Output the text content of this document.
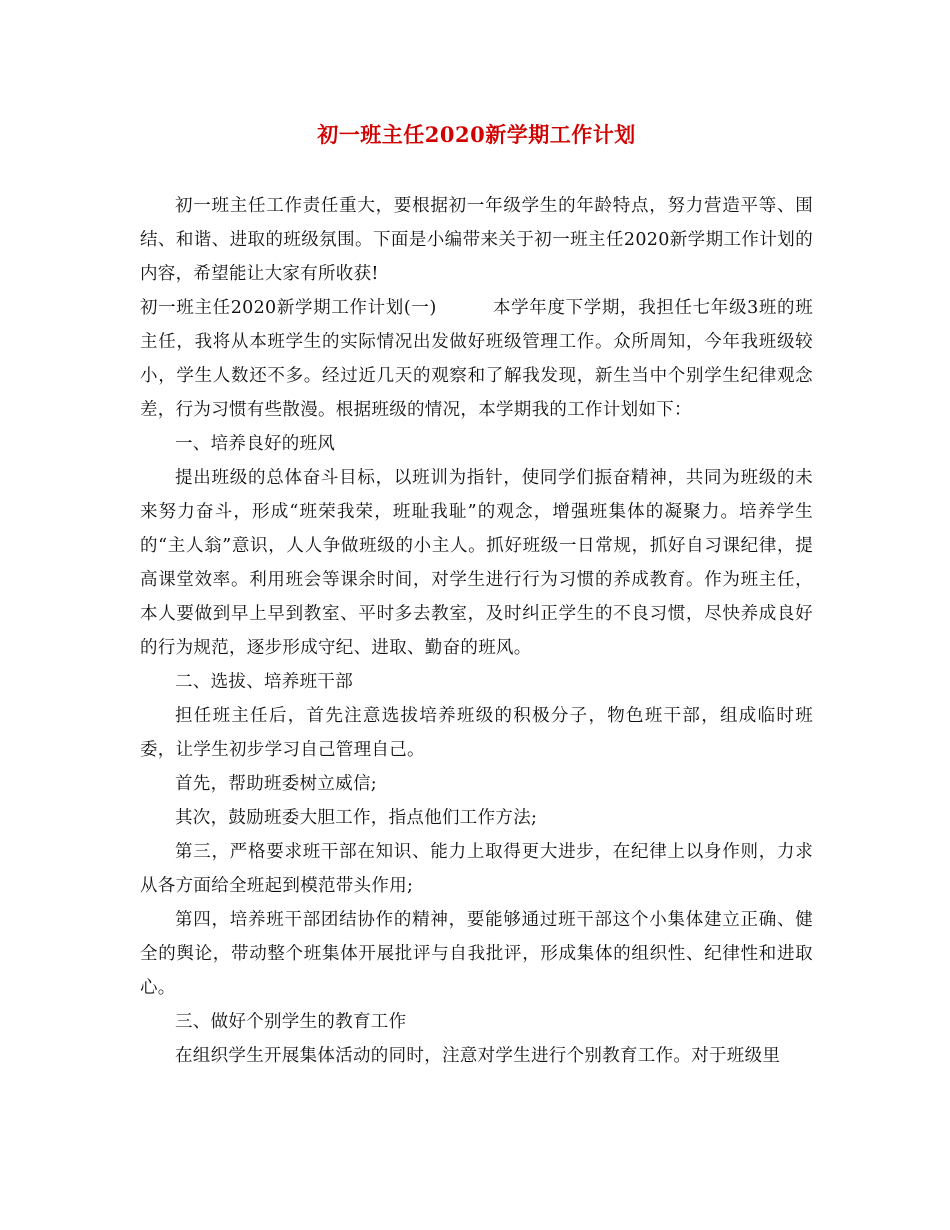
初一班主任2020新学期工作计划

初一班主任工作责任重大，要根据初一年级学生的年龄特点，努力营造平等、围结、和谐、进取的班级氛围。下面是小编带来关于初一班主任2020新学期工作计划的内容，希望能让大家有所收获!

初一班主任2020新学期工作计划(一)	本学年度下学期，我担任七年级3班的班主任，我将从本班学生的实际情况出发做好班级管理工作。众所周知，今年我班级较小，学生人数还不多。经过近几天的观察和了解我发现，新生当中个别学生纪律观念差，行为习惯有些散漫。根据班级的情况，本学期我的工作计划如下：

一、培养良好的班风

提出班级的总体奋斗目标，以班训为指针，使同学们振奋精神，共同为班级的未来努力奋斗，形成“班荣我荣，班耻我耻”的观念，增强班集体的凝聚力。培养学生的“主人翁”意识，人人争做班级的小主人。抓好班级一日常规，抓好自习课纪律，提高课堂效率。利用班会等课余时间，对学生进行行为习惯的养成教育。作为班主任，本人要做到早上早到教室、平时多去教室，及时纠正学生的不良习惯，尽快养成良好的行为规范，逐步形成守纪、进取、勤奋的班风。

二、选拔、培养班干部

担任班主任后，首先注意选拔培养班级的积极分子，物色班干部，组成临时班委，让学生初步学习自己管理自己。

首先，帮助班委树立威信;

其次，鼓励班委大胆工作，指点他们工作方法;

第三，严格要求班干部在知识、能力上取得更大进步，在纪律上以身作则，力求从各方面给全班起到模范带头作用;

第四，培养班干部团结协作的精神，要能够通过班干部这个小集体建立正确、健全的舆论，带动整个班集体开展批评与自我批评，形成集体的组织性、纪律性和进取心。

三、做好个别学生的教育工作

在组织学生开展集体活动的同时，注意对学生进行个别教育工作。对于班级里
